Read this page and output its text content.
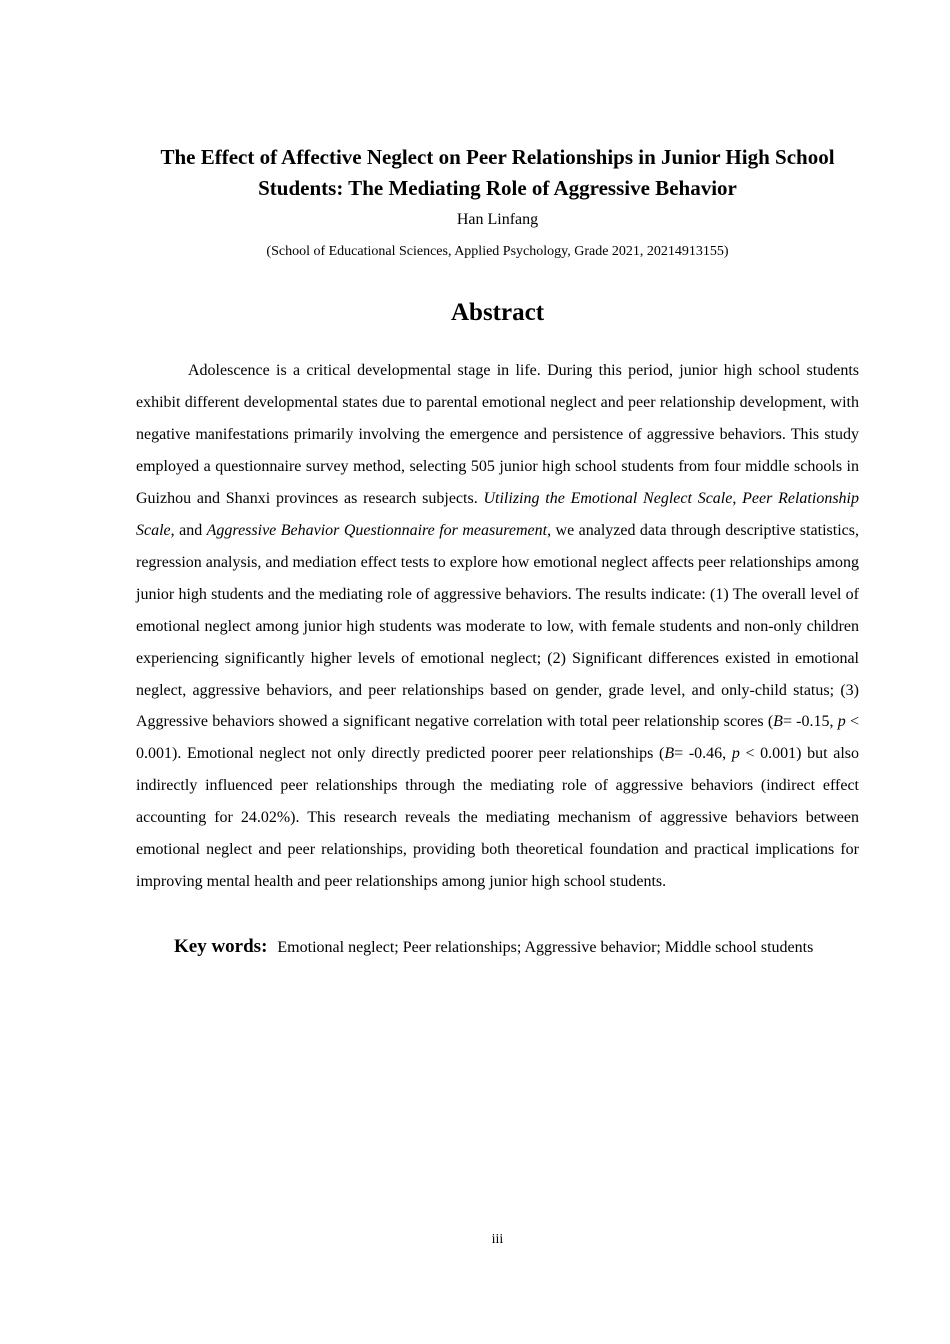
The Effect of Affective Neglect on Peer Relationships in Junior High School
Students: The Mediating Role of Aggressive Behavior
Han Linfang
(School of Educational Sciences, Applied Psychology, Grade 2021, 20214913155)
Abstract

Adolescence is a critical developmental stage in life. During this period, junior high school students exhibit different developmental states due to parental emotional neglect and peer relationship development, with negative manifestations primarily involving the emergence and persistence of aggressive behaviors. This study employed a questionnaire survey method, selecting 505 junior high school students from four middle schools in Guizhou and Shanxi provinces as research subjects. Utilizing the Emotional Neglect Scale, Peer Relationship Scale, and Aggressive Behavior Questionnaire for measurement, we analyzed data through descriptive statistics, regression analysis, and mediation effect tests to explore how emotional neglect affects peer relationships among junior high students and the mediating role of aggressive behaviors. The results indicate: (1) The overall level of emotional neglect among junior high students was moderate to low, with female students and non-only children experiencing significantly higher levels of emotional neglect; (2) Significant differences existed in emotional neglect, aggressive behaviors, and peer relationships based on gender, grade level, and only-child status; (3) Aggressive behaviors showed a significant negative correlation with total peer relationship scores (B= -0.15, p < 0.001). Emotional neglect not only directly predicted poorer peer relationships (B= -0.46, p < 0.001) but also indirectly influenced peer relationships through the mediating role of aggressive behaviors (indirect effect accounting for 24.02%). This research reveals the mediating mechanism of aggressive behaviors between emotional neglect and peer relationships, providing both theoretical foundation and practical implications for improving mental health and peer relationships among junior high school students.

Key words: Emotional neglect; Peer relationships; Aggressive behavior; Middle school students
iii
